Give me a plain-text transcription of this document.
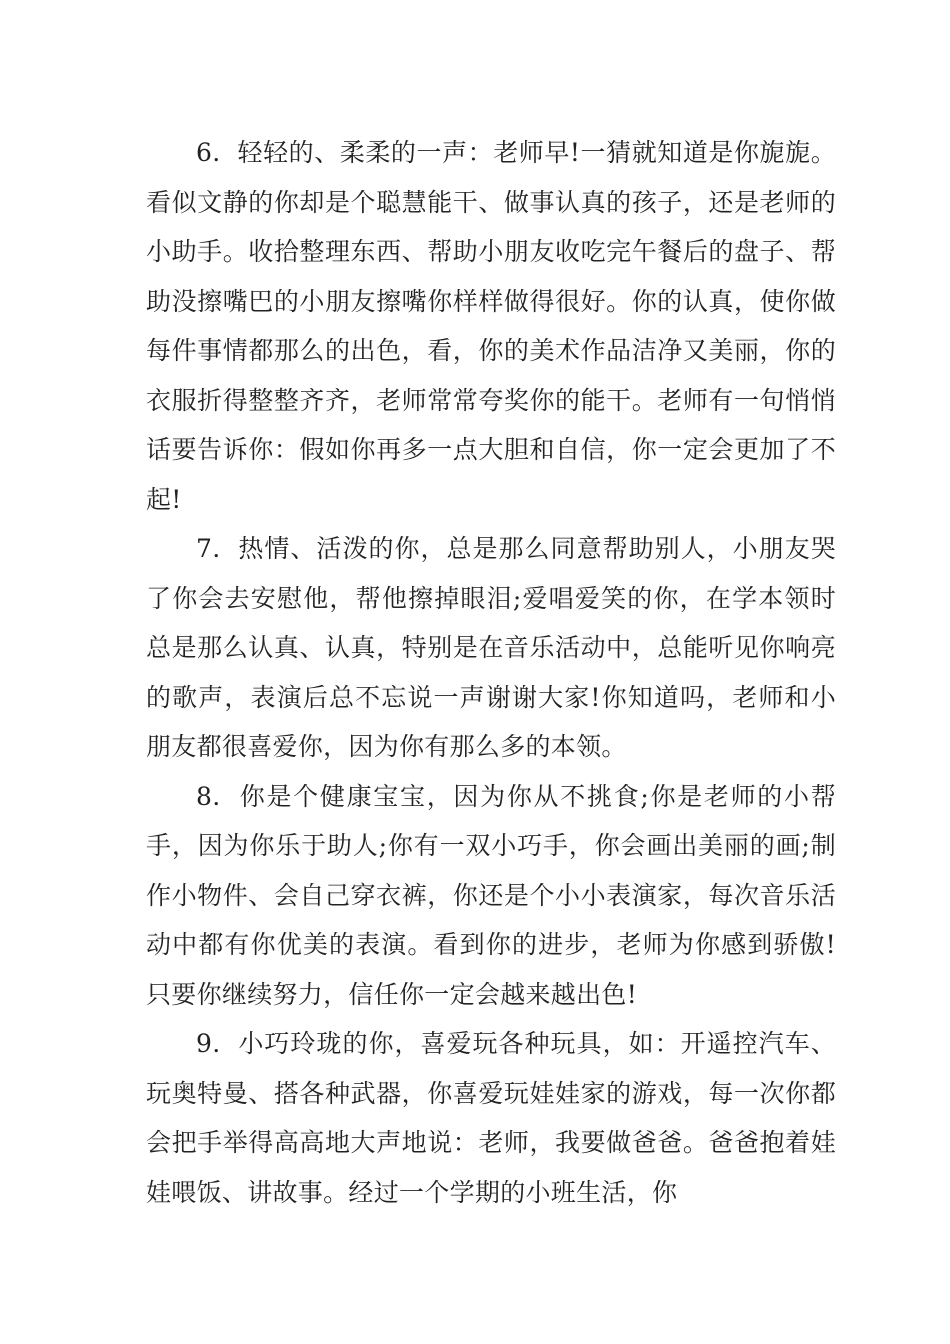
6. 轻轻的、柔柔的一声：老师早!一猜就知道是你旎旎。看似文静的你却是个聪慧能干、做事认真的孩子，还是老师的小助手。收拾整理东西、帮助小朋友收吃完午餐后的盘子、帮助没擦嘴巴的小朋友擦嘴你样样做得很好。你的认真，使你做每件事情都那么的出色，看，你的美术作品洁净又美丽，你的衣服折得整整齐齐，老师常常夸奖你的能干。老师有一句悄悄话要告诉你：假如你再多一点大胆和自信，你一定会更加了不起!

7. 热情、活泼的你，总是那么同意帮助别人，小朋友哭了你会去安慰他，帮他擦掉眼泪;爱唱爱笑的你，在学本领时总是那么认真、认真，特别是在音乐活动中，总能听见你响亮的歌声，表演后总不忘说一声谢谢大家!你知道吗，老师和小朋友都很喜爱你，因为你有那么多的本领。

8. 你是个健康宝宝，因为你从不挑食;你是老师的小帮手，因为你乐于助人;你有一双小巧手，你会画出美丽的画;制作小物件、会自己穿衣裤，你还是个小小表演家，每次音乐活动中都有你优美的表演。看到你的进步，老师为你感到骄傲!只要你继续努力，信任你一定会越来越出色!

9. 小巧玲珑的你，喜爱玩各种玩具，如：开遥控汽车、玩奥特曼、搭各种武器，你喜爱玩娃娃家的游戏，每一次你都会把手举得高高地大声地说：老师，我要做爸爸。爸爸抱着娃娃喂饭、讲故事。经过一个学期的小班生活，你
